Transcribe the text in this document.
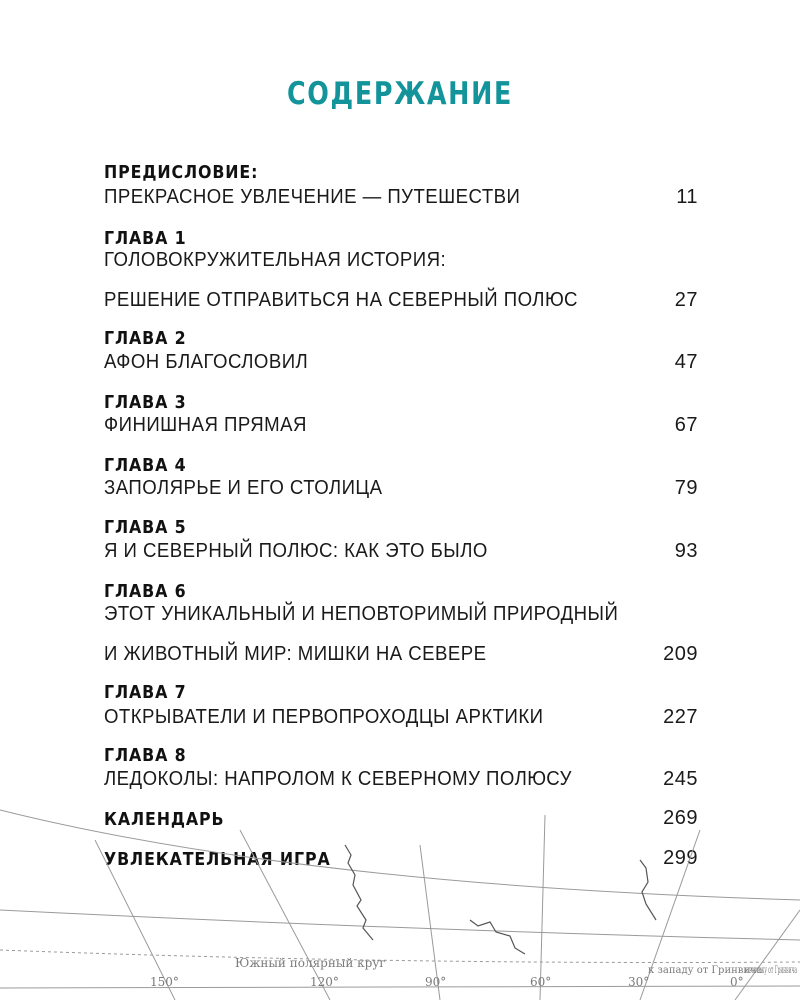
СОДЕРЖАНИЕ
ПРЕДИСЛОВИЕ:
ПРЕКРАСНОЕ УВЛЕЧЕНИЕ — ПУТЕШЕСТВИ	11
ГЛАВА 1
ГОЛОВОКРУЖИТЕЛЬНАЯ ИСТОРИЯ:
РЕШЕНИЕ ОТПРАВИТЬСЯ НА СЕВЕРНЫЙ ПОЛЮС	27
ГЛАВА 2
АФОН БЛАГОСЛОВИЛ	47
ГЛАВА 3
ФИНИШНАЯ ПРЯМАЯ	67
ГЛАВА 4
ЗАПОЛЯРЬЕ И ЕГО СТОЛИЦА	79
ГЛАВА 5
Я И СЕВЕРНЫЙ ПОЛЮС: КАК ЭТО БЫЛО	93
ГЛАВА 6
ЭТОТ УНИКАЛЬНЫЙ И НЕПОВТОРИМЫЙ ПРИРОДНЫЙ
И ЖИВОТНЫЙ МИР: МИШКИ НА СЕВЕРЕ	209
ГЛАВА 7
ОТКРЫВАТЕЛИ И ПЕРВОПРОХОДЦЫ АРКТИКИ	227
ГЛАВА 8
ЛЕДОКОЛЫ: НАПРОЛОМ К СЕВЕРНОМУ ПОЛЮСУ	245
КАЛЕНДАРЬ	269
УВЛЕКАТЕЛЬНАЯ ИГРА	299
150°
Южный полярный круг
120°	90°	60°	30°
к западу от Гринвича
0°
к востоку от Гринвича
